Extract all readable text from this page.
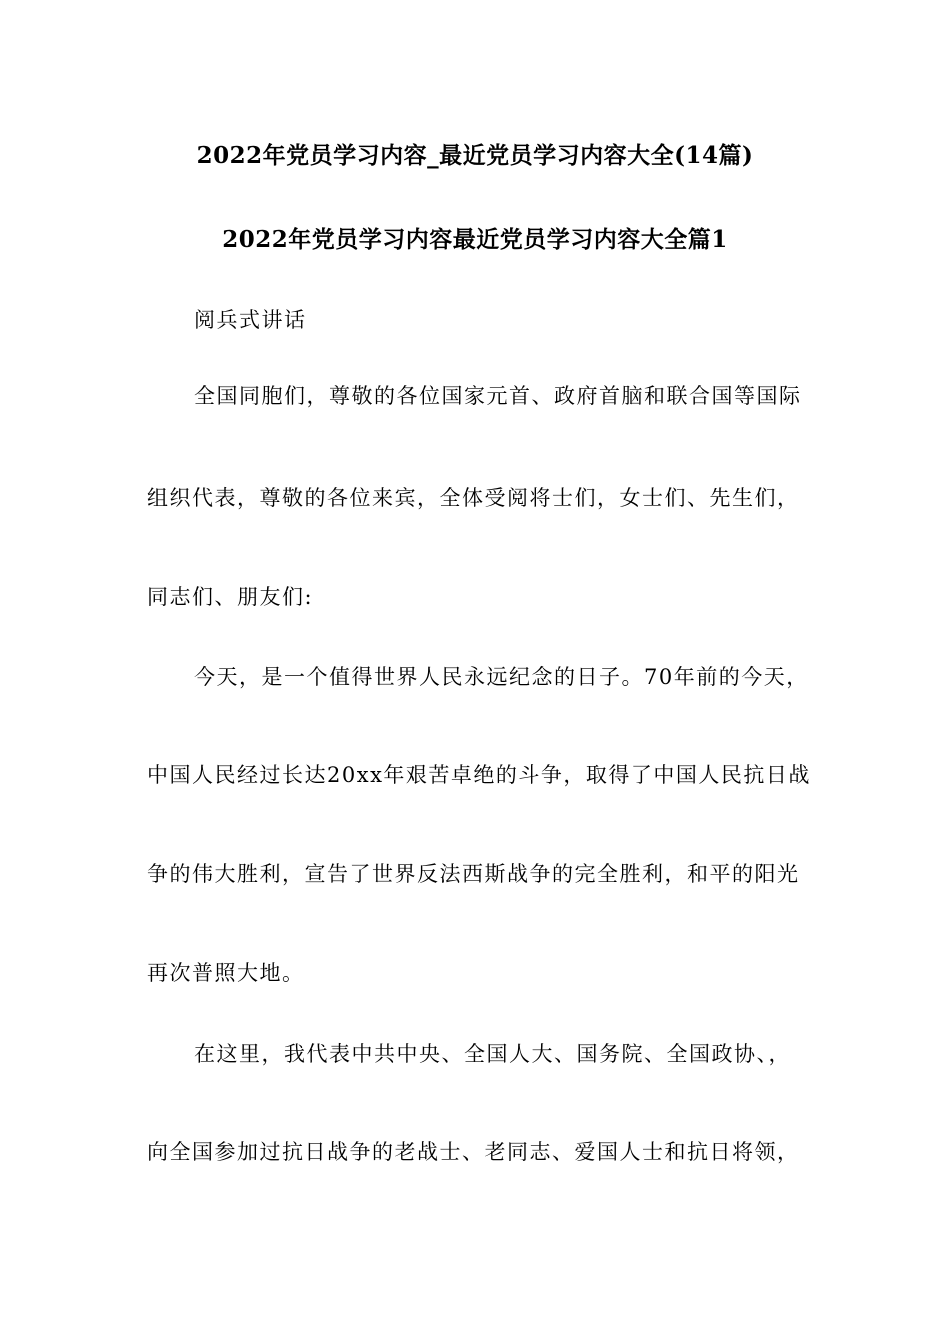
2022年党员学习内容_最近党员学习内容大全(14篇)
2022年党员学习内容最近党员学习内容大全篇1
阅兵式讲话
全国同胞们，尊敬的各位国家元首、政府首脑和联合国等国际
组织代表，尊敬的各位来宾，全体受阅将士们，女士们、先生们，
同志们、朋友们:
今天，是一个值得世界人民永远纪念的日子。70年前的今天，
中国人民经过长达20xx年艰苦卓绝的斗争，取得了中国人民抗日战
争的伟大胜利，宣告了世界反法西斯战争的完全胜利，和平的阳光
再次普照大地。
在这里，我代表中共中央、全国人大、国务院、全国政协、，
向全国参加过抗日战争的老战士、老同志、爱国人士和抗日将领，
